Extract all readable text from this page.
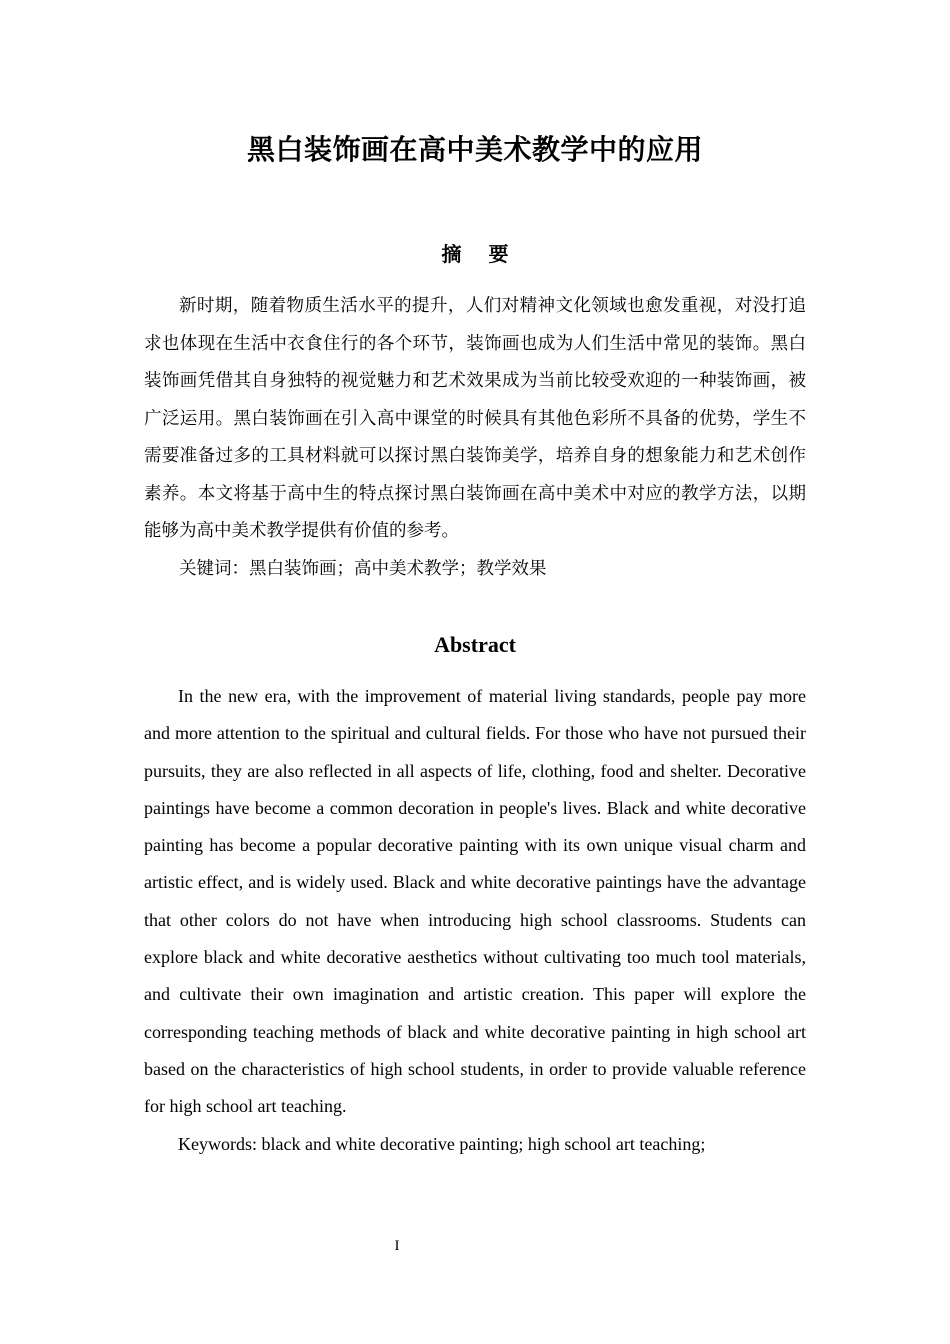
黑白装饰画在高中美术教学中的应用
摘 要

新时期，随着物质生活水平的提升，人们对精神文化领域也愈发重视，对没打追求也体现在生活中衣食住行的各个环节，装饰画也成为人们生活中常见的装饰。黑白装饰画凭借其自身独特的视觉魅力和艺术效果成为当前比较受欢迎的一种装饰画，被广泛运用。黑白装饰画在引入高中课堂的时候具有其他色彩所不具备的优势，学生不需要准备过多的工具材料就可以探讨黑白装饰美学，培养自身的想象能力和艺术创作素养。本文将基于高中生的特点探讨黑白装饰画在高中美术中对应的教学方法，以期能够为高中美术教学提供有价值的参考。

关键词：黑白装饰画；高中美术教学；教学效果

Abstract

In the new era, with the improvement of material living standards, people pay more and more attention to the spiritual and cultural fields. For those who have not pursued their pursuits, they are also reflected in all aspects of life, clothing, food and shelter. Decorative paintings have become a common decoration in people's lives. Black and white decorative painting has become a popular decorative painting with its own unique visual charm and artistic effect, and is widely used. Black and white decorative paintings have the advantage that other colors do not have when introducing high school classrooms. Students can explore black and white decorative aesthetics without cultivating too much tool materials, and cultivate their own imagination and artistic creation. This paper will explore the corresponding teaching methods of black and white decorative painting in high school art based on the characteristics of high school students, in order to provide valuable reference for high school art teaching.

Keywords: black and white decorative painting; high school art teaching;

I
